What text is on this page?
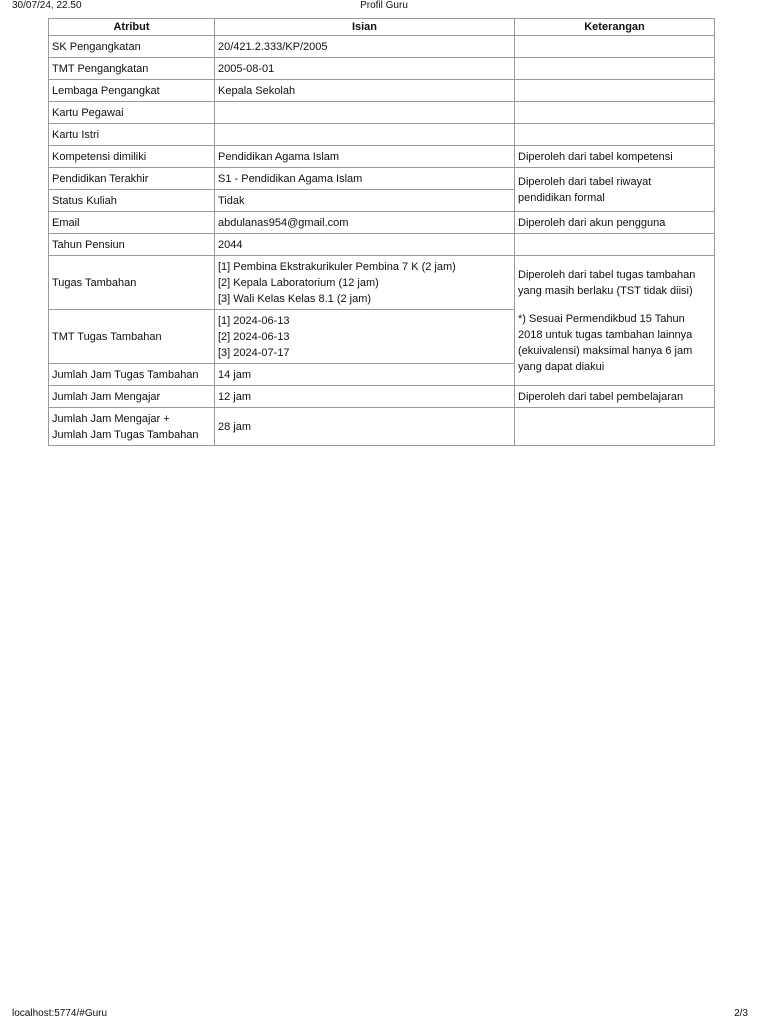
30/07/24, 22.50	Profil Guru
Atribut	Isian	Keterangan
SK Pengangkatan	20/421.2.333/KP/2005	
TMT Pengangkatan	2005-08-01	
Lembaga Pengangkat	Kepala Sekolah	
Kartu Pegawai		
Kartu Istri		
Kompetensi dimiliki	Pendidikan Agama Islam	Diperoleh dari tabel kompetensi
Pendidikan Terakhir	S1 - Pendidikan Agama Islam	Diperoleh dari tabel riwayat
pendidikan formal

Status Kuliah	Tidak	
Email	abdulanas954@gmail.com	Diperoleh dari akun pengguna
Tahun Pensiun	2044	
Tugas Tambahan	[1] Pembina Ekstrakurikuler Pembina 7 K (2 jam)
[2] Kepala Laboratorium (12 jam)
[3] Wali Kelas Kelas 8.1 (2 jam)	Diperoleh dari tabel tugas tambahan yang masih berlaku (TST tidak diisi)
*) Sesuai Permendikbud 15 Tahun 2018 untuk tugas tambahan lainnya (ekuivalensi) maksimal hanya 6 jam yang dapat diakui

TMT Tugas Tambahan	[1] 2024-06-13
[2] 2024-06-13
[3] 2024-07-17	

Jumlah Jam Tugas Tambahan	14 jam	
Jumlah Jam Mengajar	12 jam	Diperoleh dari tabel pembelajaran

Jumlah Jam Mengajar +
Jumlah Jam Tugas Tambahan	28 jam	
localhost:5774/#Guru	2/3
